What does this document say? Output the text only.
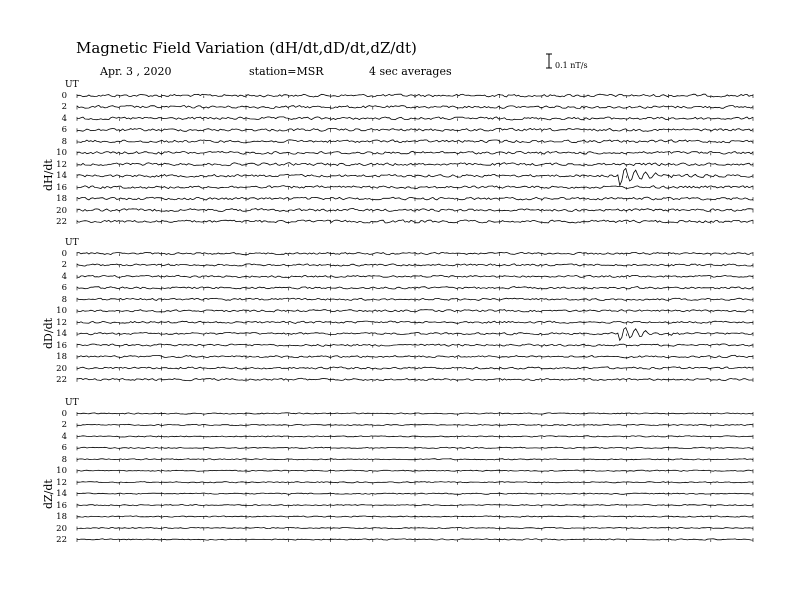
Magnetic Field Variation (dH/dt,dD/dt,dZ/dt)
Apr. 3 , 2020	station=MSR	4 sec averages	0.1 nT/s
UT
dH/dt
0
2
4
6
8
10
12
14
16
18
20
22
UT
dD/dt
0
2
4
6
8
10
12
14
16
18
20
22
UT
dZ/dt
0
2
4
6
8
10
12
14
16
18
20
22
